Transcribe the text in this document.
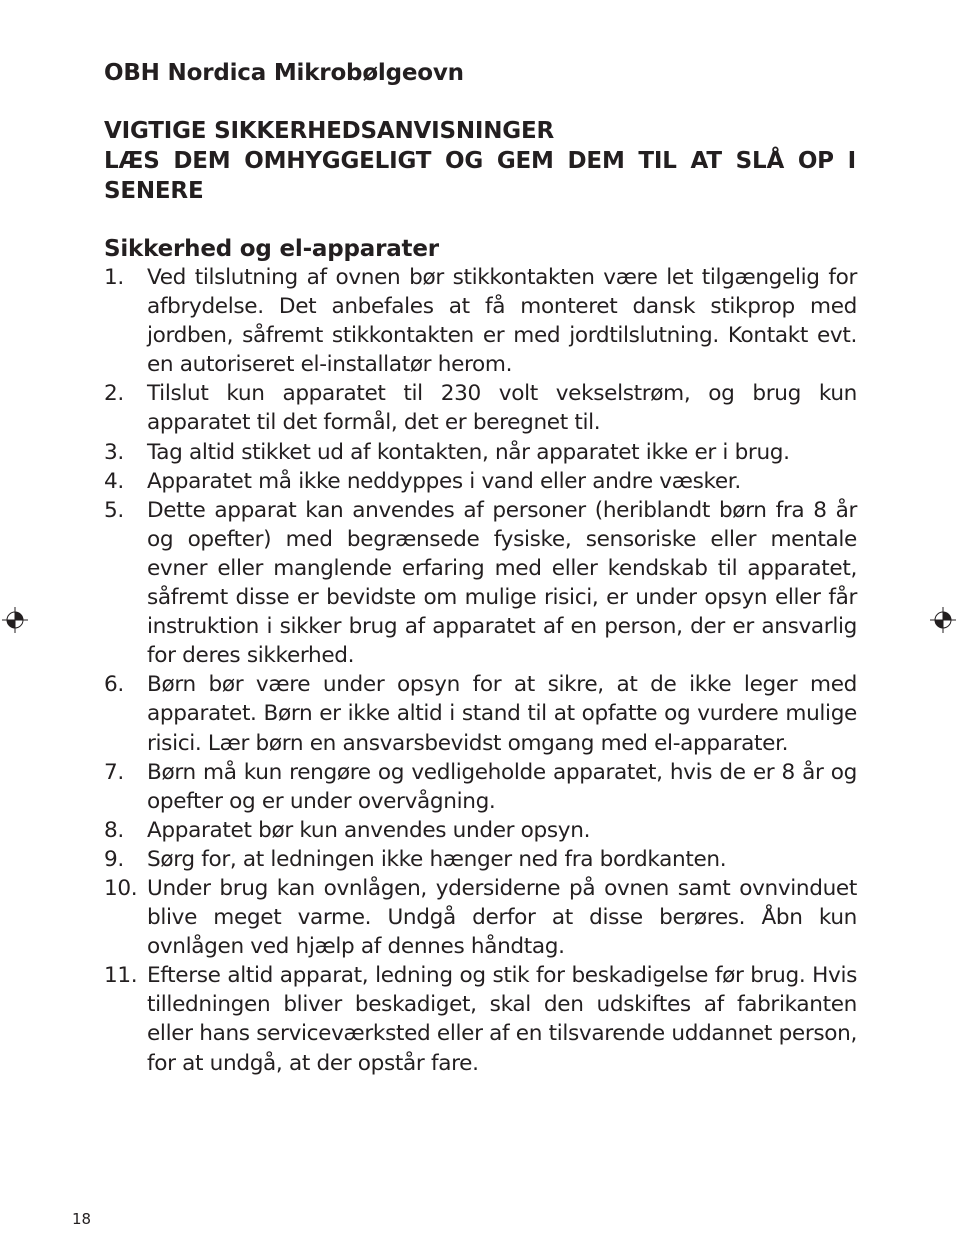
OBH Nordica Mikrobølgeovn
VIGTIGE SIKKERHEDSANVISNINGER
LÆS DEM OMHYGGELIGT OG GEM DEM TIL AT SLÅ OP I SENERE
Sikkerhed og el-apparater
1.	Ved tilslutning af ovnen bør stikkontakten være let tilgængelig for afbrydelse. Det anbefales at få monteret dansk stikprop med jordben, såfremt stikkontakten er med jordtilslutning. Kontakt evt. en autoriseret el-installatør herom.
2.	Tilslut kun apparatet til 230 volt vekselstrøm, og brug kun apparatet til det formål, det er beregnet til.
3.	Tag altid stikket ud af kontakten, når apparatet ikke er i brug.
4.	Apparatet må ikke neddyppes i vand eller andre væsker.
5.	Dette apparat kan anvendes af personer (heriblandt børn fra 8 år og opefter) med begrænsede fysiske, sensoriske eller mentale evner eller manglende erfaring med eller kendskab til apparatet, såfremt disse er bevidste om mulige risici, er under opsyn eller får instruktion i sikker brug af apparatet af en person, der er ansvarlig for deres sikkerhed.
6.	Børn bør være under opsyn for at sikre, at de ikke leger med apparatet. Børn er ikke altid i stand til at opfatte og vurdere mulige risici. Lær børn en ansvarsbevidst omgang med el-apparater.
7.	Børn må kun rengøre og vedligeholde apparatet, hvis de er 8 år og opefter og er under overvågning.
8.	Apparatet bør kun anvendes under opsyn.
9.	Sørg for, at ledningen ikke hænger ned fra bordkanten.
10. Under brug kan ovnlågen, ydersiderne på ovnen samt ovnvinduet blive meget varme. Undgå derfor at disse berøres. Åbn kun ovnlågen ved hjælp af dennes håndtag.
11. Efterse altid apparat, ledning og stik for beskadigelse før brug. Hvis tilledningen bliver beskadiget, skal den udskiftes af fabrikanten eller hans serviceværksted eller af en tilsvarende uddannet person, for at undgå, at der opstår fare.
18
